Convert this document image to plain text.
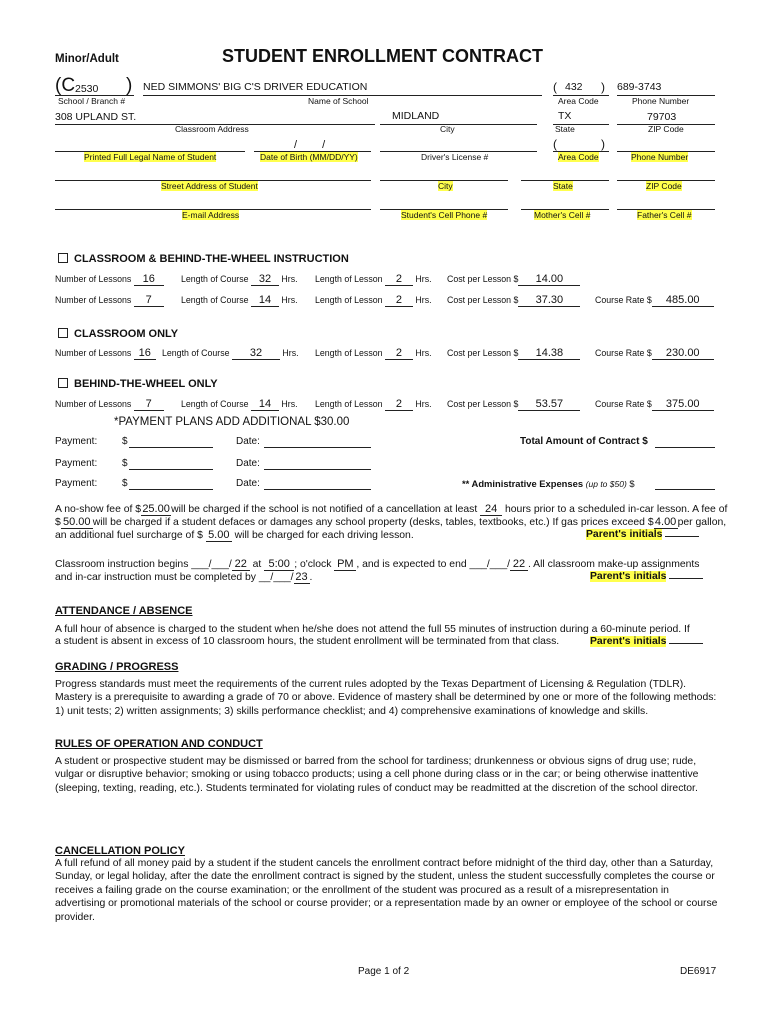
Minor/Adult	STUDENT ENROLLMENT CONTRACT
(C 2530 )
School / Branch #
NED SIMMONS' BIG C'S DRIVER EDUCATION
Name of School
( 432 )
Area Code
689-3743
Phone Number
308 UPLAND ST.
Classroom Address
MIDLAND
City
TX
State
79703
ZIP Code
Printed Full Legal Name of Student
/ /
Date of Birth (MM/DD/YY)	Driver's License #
(	)
Area Code	Phone Number
Street Address of Student	City	State	ZIP Code
E-mail Address	Student's Cell Phone #	Mother's Cell #	Father's Cell #
CLASSROOM & BEHIND-THE-WHEEL INSTRUCTION
Number of Lessons 16	Length of Course 32 Hrs. Length of Lesson 2 Hrs. Cost per Lesson $ 14.00
Number of Lessons 7	Length of Course 14 Hrs. Length of Lesson 2 Hrs. Cost per Lesson $ 37.30	Course Rate $ 485.00
CLASSROOM ONLY
Number of Lessons 16	Length of Course 32 Hrs. Length of Lesson 2 Hrs. Cost per Lesson $ 14.38	Course Rate $ 230.00
BEHIND-THE-WHEEL ONLY
Number of Lessons 7	Length of Course 14 Hrs. Length of Lesson 2 Hrs. Cost per Lesson $ 53.57	Course Rate $ 375.00
*PAYMENT PLANS ADD ADDITIONAL $30.00
Payment: $	Date:	Total Amount of Contract $
Payment: $	Date:
Payment: $	Date:	** Administrative Expenses (up to $50) $
A no-show fee of $25.00will be charged if the school is not notified of a cancellation at least 24 hours prior to a scheduled in-car lesson. A fee of
$ 50.00 will be charged if a student defaces or damages any school property (desks, tables, textbooks, etc.) If gas prices exceed $4.00per gallon,
an additional fuel surcharge of $ 5.00 will be charged for each driving lesson.	Parent's initials
Classroom instruction begins ___/___/ 22 at 5:00 ; o'clock PM , and is expected to end ___/___/ 22 . All classroom make-up assignments
and in-car instruction must be completed by __/___/ 23 .	Parent's initials
ATTENDANCE / ABSENCE
A full hour of absence is charged to the student when he/she does not attend the full 55 minutes of instruction during a 60-minute period. If
a student is absent in excess of 10 classroom hours, the student enrollment will be terminated from that class.	Parent's initials
GRADING / PROGRESS
Progress standards must meet the requirements of the current rules adopted by the Texas Department of Licensing & Regulation (TDLR). Mastery is a prerequisite to awarding a grade of 70 or above. Evidence of mastery shall be determined by one or more of the following methods: 1) unit tests; 2) written assignments; 3) skills performance checklist; and 4) comprehensive examinations of knowledge and skills.
RULES OF OPERATION AND CONDUCT
A student or prospective student may be dismissed or barred from the school for tardiness; drunkenness or obvious signs of drug use; rude, vulgar or disruptive behavior; smoking or using tobacco products; using a cell phone during class or in the car; or being otherwise inattentive (sleeping, texting, reading, etc.). Students terminated for violating rules of conduct may be readmitted at the discretion of the school director.
CANCELLATION POLICY
A full refund of all money paid by a student if the student cancels the enrollment contract before midnight of the third day, other than a Saturday, Sunday, or legal holiday, after the date the enrollment contract is signed by the student, unless the student successfully completes the course or receives a failing grade on the course examination; or the enrollment of the student was procured as a result of a misrepresentation in advertising or promotional materials of the school or course provider; or a representation made by an owner or employee of the school or course provider.
Page 1 of 2	DE6917
